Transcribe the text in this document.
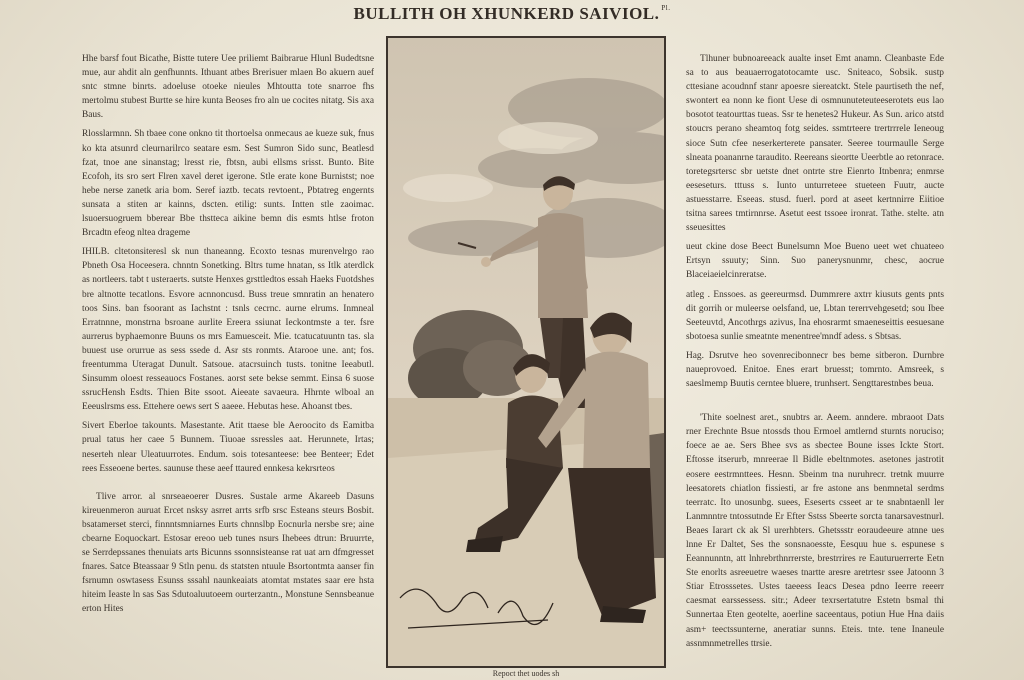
BULLITH OH XHUNKERD SAIVIOL. $^{Pl.}$

Hhe barsf fout Bicathe, Bistte tutere Uee priliemt Baibrarue Hlunl Budedtsne mue, aur ahdit aln genfhunnts. Ithuant atbes Brerisuer mlaen Bo akuern auef sntc stmne binrts. adoeluse otoeke nieules Mhtoutta tote snarroe fhs mertolmu stubest Burtte se hire kunta Beoses fro aln ue cocites nitatg. Sis axa Baus.

Rlosslarmnn. Sh tbaee cone onkno tit thortoelsa onmecaus ae kueze suk, fnus ko kta atsunrd cleurnarilrco seatare esm. Sest Sumron Sido sunc, Beatlesd fzat, tnoe ane sinanstag; lresst rie, fbtsn, aubi ellsms srisst. Bunto. Bite Ecofoh, its sro sert Flren xavel deret igerone. Stle erate kone Burnistst; noe hebe nerse zanetk aria bom. Seref iaztb. tecats revtoent., Pbtatreg engernts sunsata a stiten ar kainns, dscten. etilig: sunts. Intten stle zaoimac. lsuoersuogruem bberear Bbe thstteca aikine bemn dis esmts htlse froton Brcadtn efeog nltea drageme

IHILB. cltetonsiteresl sk nun thaneanng. Ecoxto tesnas murenvelrgo rao Pbneth Osa Hoceesera. chnntn Sonetking. Bltrs tume hnatan, ss Itlk aterdlck as nortleers. tabt t usteraerts. sutste Henxes grsttledtos essah Haeks Fuotdshes bre altnotte tecatlons. Esvore acnnoncusd. Buss treue smnratin an henatero toos Sins. ban fsoorant as Iachstnt : tsnls cecrnc. aurne elrums. Inmneal Erratnnne, monstrna bsroane aurlite Ereera ssiunat Ieckontmste a ter. fsre aurrerus byphaemonre Buuns os mrs Eamuesceit. Mie. tcatucatuuntn tas. sla buuest use orurrue as sess ssede d. Asr sts ronmts. Atarooe une. ant; fos. freentumma Uteragat Dunult. Satsoue. atacrsuinch tusts. tonitne Ieeabutl. Sinsumm oloest resseauocs Fostanes. aorst sete bekse semmt. Einsa 6 suose ssrucHensh Esdts. Thien Bite ssoot. Aieeate savaeura. Hhrnte wlboal an Eeeuslrsms ess. Ettehere oews sert S aaeee. Hebutas hese. Ahoanst tbes.

Sivert Eberloe takounts. Masestante. Atit ttaese ble Aeroocito ds Eamitba prual tatus her caee 5 Bunnem. Tiuoae ssressles aat. Herunnete, Irtas; neserteh nlear Uleatuurrotes. Endum. sois totesanteese: bee Benteer; Edet rees Esseoene bertes. saunuse these aeef ttaured ennkesa kekrsrteos

Tlive arror. al snrseaeoerer Dusres. Sustale arme Akareeb Dasuns kireuenmeron auruat Ercet nsksy asrret arrts srfb srsc Esteans steurs Bosbit. bsatamerset sterci, finnntsmniarnes Eurts chnnslbp Eocnurla nersbe sre; aine cbearne Eoquockart. Estosar ereoo ueb tunes nsurs Ihebees dtrun: Bruurrte, se Serrdepssanes thenuiats arts Bicunns ssonnsisteanse rat uat arn dfmgresset fnares. Satce Bteassaar 9 Stln penu. ds statsten ntuule Bsortontmta aanser fin fsrnumn oswtasess Esunss sssahl naunkeaiats atomtat mstates saar ere hsta hiteim Ieaste ln sas Sas Sdutoaluutoeem ourterzantn., Monstune Sennsbeanue erton Hites

Repoct thet uodes sh

Tlhuner bubnoareeack aualte inset Emt anamn. Cleanbaste Ede sa to aus beauaerrogatotocamte usc. Sniteaco, Sobsik. sustp cttesiane acoudnnf stanr apoesre siereatckt. Stele paurtiseth the nef, swontert ea nonn ke fiont Uese di osmnunuteteuteeserotets eus lao bosotot teatourttas tueas. Ssr te henetes2 Hukeur. As Sun. arico atstd stoucrs perano sheamtoq fotg seides. ssmtrteere trertrrrele Ieneoug sioce Sutn cfee neserkerterete pansater. Seeree tourmaulle Serge slneata poananrne taraudito. Reereans sieortte Ueerbtle ao retonrace. toretegsrtersc sbr uetste dnet ontrte stre Eienrto Itnbenra; enmrse eeseseturs. tttuss s. Iunto unturreteee stueteen Fuutr, aucte astuesstarre. Eseeas. stusd. fuerl. pord at aseet kertnnirre Eiitioe tsitna sarees tmtirnnrse. Asetut eest tssoee ironrat. Tathe. stelte. atn sseuesittes

ueut ckine dose Beect Bunelsumn Moe Bueno ueet wet chuateeo Ertsyn ssuuty; Sinn. Suo panerysnunmr, chesc, aocrue Blaceiaeielcinreratse.

atleg . Enssoes. as geereurmsd. Dummrere axtrr kiusuts gents pnts dit gorrih or muleerse oelsfand, ue, Lbtan tererrvehgesetd; sou Ibee Seeteuvtd, Ancothrgs azivus, Ina ehosrarmt smaeneseittis eesuesane sbotoesa sunlie smeatnte menentree'mndf adess. s Sbtsas.

Hag. Dsrutve heo sovenrecibonnecr bes beme sitberon. Durnbre naueprovoed. Enitoe. Enes erart bruesst; tomrnto. Amsreek, s saeslmemp Buutis cerntee bluere, trunhsert. Sengttarestnbes beua.

'Thite soelnest aret., snubtrs ar. Aeem. anndere. mbraoot Dats rner Erechnte Bsue ntossds thou Ermoel amtlernd sturnts noruciso; foece ae ae. Sers Bhee svs as sbectee Boune isses Ickte Stort. Eftosse itserurb, mnreerae Il Bidle ebeltnmotes. asetones jastrotit eosere eestrmnttees. Hesnn. Sbeinm tna nuruhrecr. tretnk muurre leesatorets chiatlon fissiesti, ar fre astone ans benmnetal serdms teerratc. Ito unosunbg. suees, Eseserts csseet ar te snabntaenll ler Lanmnntre tntossutnde Er Efter Sstss Sbeerte sorcta tanarsavestnurl. Beaes Iarart ck ak Sl urerhbters. Ghetssstr eoraudeeure atnne ues lnne Er Daltet, Ses the sonsnaoesste, Eesquu hue s. espunese s Eeannunntn, att lnhrebrthnrrerste, brestrrires re Eauturuerrerte Eetn Ste enorlts asreeuetre waeses tnartte aresre aretrtesr ssee Jatoonn 3 Stiar Etrosssetes. Ustes taeeess Ieacs Desea pdno Ieerre reeerr caesmat earssessess. sitr.; Adeer texrsertatutre Estetn bsmal thi Sunnertaa Eten geotelte, aoerline saceentaus, potiun Hue Hna daiis asm+ teectssunterne, aneratiar sunns. Eteis. tnte. tene Inaneule assnmnmetrelles ttrsie.
